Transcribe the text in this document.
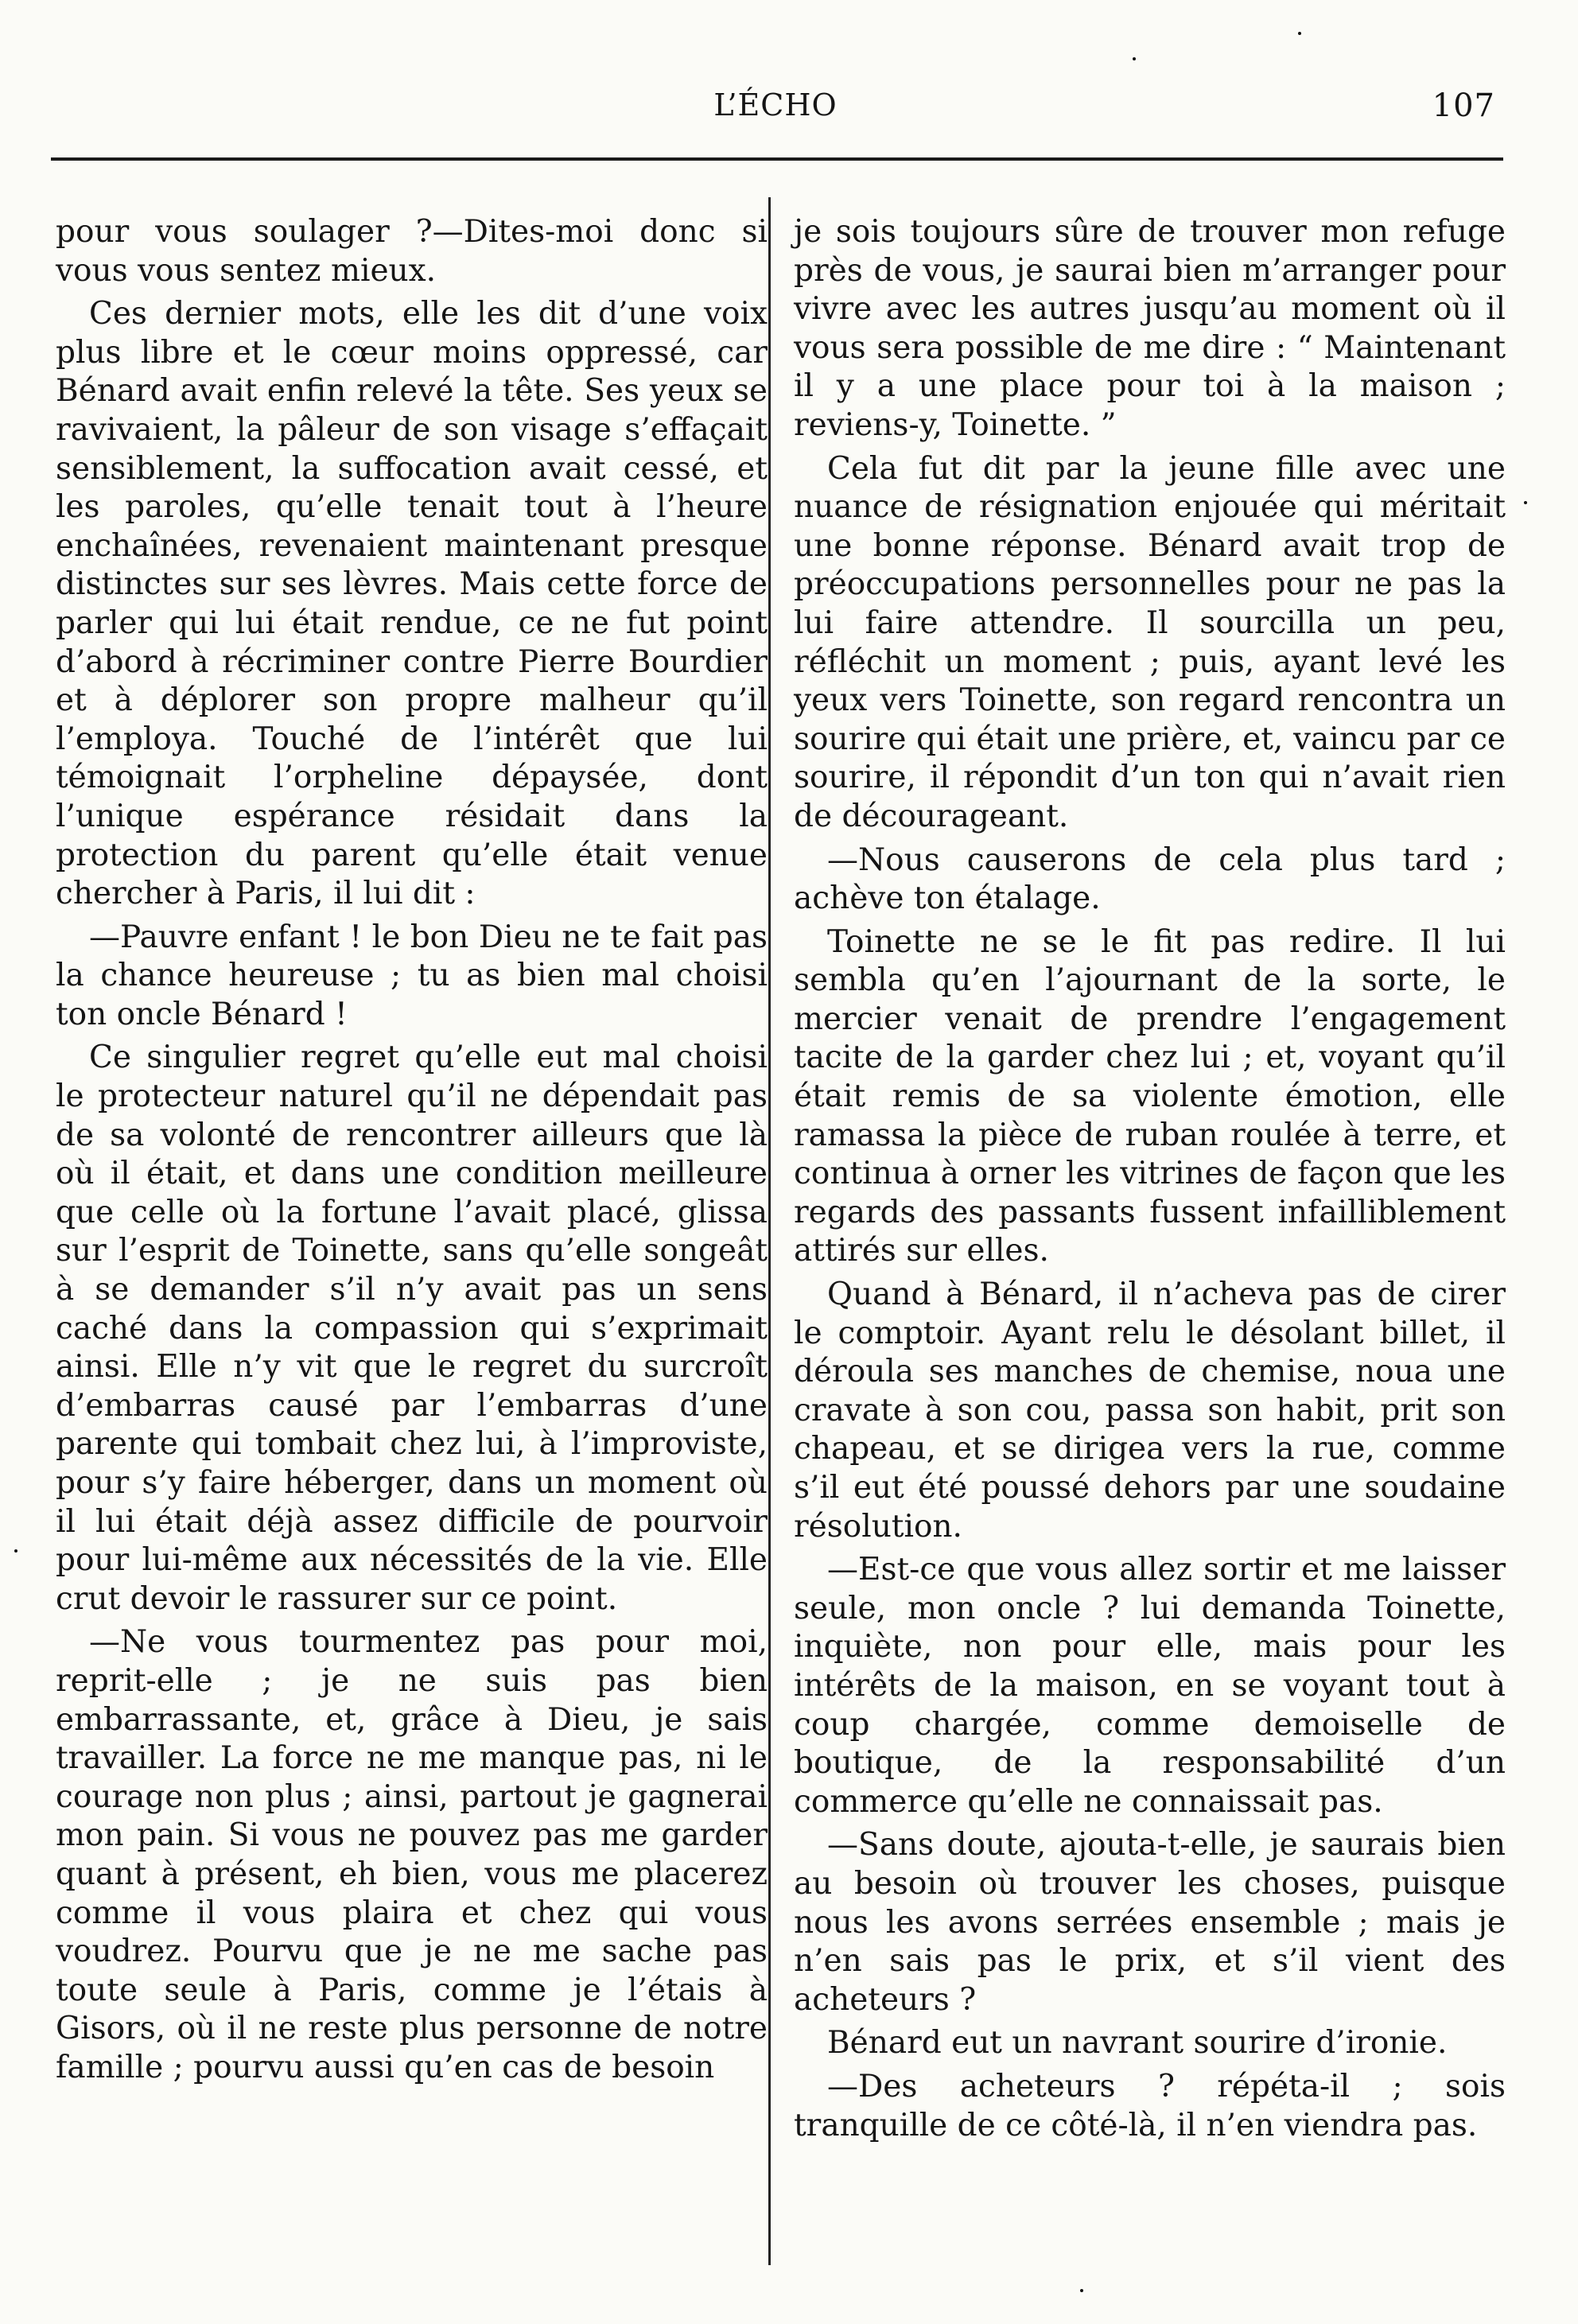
L’ÉCHO	107

pour vous soulager ?—Dites-moi donc si vous vous sentez mieux.

Ces dernier mots, elle les dit d’une voix plus libre et le cœur moins oppressé, car Bénard avait enfin relevé la tête. Ses yeux se ravivaient, la pâleur de son visage s’effaçait sensiblement, la suffocation avait cessé, et les paroles, qu’elle tenait tout à l’heure enchaînées, revenaient maintenant presque distinctes sur ses lèvres. Mais cette force de parler qui lui était rendue, ce ne fut point d’abord à récriminer contre Pierre Bourdier et à déplorer son propre malheur qu’il l’employa. Touché de l’intérêt que lui témoignait l’orpheline dépaysée, dont l’unique espérance résidait dans la protection du parent qu’elle était venue chercher à Paris, il lui dit :

—Pauvre enfant ! le bon Dieu ne te fait pas la chance heureuse ; tu as bien mal choisi ton oncle Bénard !

Ce singulier regret qu’elle eut mal choisi le protecteur naturel qu’il ne dépendait pas de sa volonté de rencontrer ailleurs que là où il était, et dans une condition meilleure que celle où la fortune l’avait placé, glissa sur l’esprit de Toinette, sans qu’elle songeât à se demander s’il n’y avait pas un sens caché dans la compassion qui s’exprimait ainsi. Elle n’y vit que le regret du surcroît d’embarras causé par l’embarras d’une parente qui tombait chez lui, à l’improviste, pour s’y faire héberger, dans un moment où il lui était déjà assez difficile de pourvoir pour lui-même aux nécessités de la vie. Elle crut devoir le rassurer sur ce point.

—Ne vous tourmentez pas pour moi, reprit-elle ; je ne suis pas bien embarrassante, et, grâce à Dieu, je sais travailler. La force ne me manque pas, ni le courage non plus ; ainsi, partout je gagnerai mon pain. Si vous ne pouvez pas me garder quant à présent, eh bien, vous me placerez comme il vous plaira et chez qui vous voudrez. Pourvu que je ne me sache pas toute seule à Paris, comme je l’étais à Gisors, où il ne reste plus personne de notre famille ; pourvu aussi qu’en cas de besoin

je sois toujours sûre de trouver mon refuge près de vous, je saurai bien m’arranger pour vivre avec les autres jusqu’au moment où il vous sera possible de me dire : “ Maintenant il y a une place pour toi à la maison ; reviens-y, Toinette. ”

Cela fut dit par la jeune fille avec une nuance de résignation enjouée qui méritait une bonne réponse. Bénard avait trop de préoccupations personnelles pour ne pas la lui faire attendre. Il sourcilla un peu, réfléchit un moment ; puis, ayant levé les yeux vers Toinette, son regard rencontra un sourire qui était une prière, et, vaincu par ce sourire, il répondit d’un ton qui n’avait rien de décourageant.

—Nous causerons de cela plus tard ; achève ton étalage.

Toinette ne se le fit pas redire. Il lui sembla qu’en l’ajournant de la sorte, le mercier venait de prendre l’engagement tacite de la garder chez lui ; et, voyant qu’il était remis de sa violente émotion, elle ramassa la pièce de ruban roulée à terre, et continua à orner les vitrines de façon que les regards des passants fussent infailliblement attirés sur elles.

Quand à Bénard, il n’acheva pas de cirer le comptoir. Ayant relu le désolant billet, il déroula ses manches de chemise, noua une cravate à son cou, passa son habit, prit son chapeau, et se dirigea vers la rue, comme s’il eut été poussé dehors par une soudaine résolution.

—Est-ce que vous allez sortir et me laisser seule, mon oncle ? lui demanda Toinette, inquiète, non pour elle, mais pour les intérêts de la maison, en se voyant tout à coup chargée, comme demoiselle de boutique, de la responsabilité d’un commerce qu’elle ne connaissait pas.

—Sans doute, ajouta-t-elle, je saurais bien au besoin où trouver les choses, puisque nous les avons serrées ensemble ; mais je n’en sais pas le prix, et s’il vient des acheteurs ?

Bénard eut un navrant sourire d’ironie.

—Des acheteurs ? répéta-il ; sois tranquille de ce côté-là, il n’en viendra pas.
